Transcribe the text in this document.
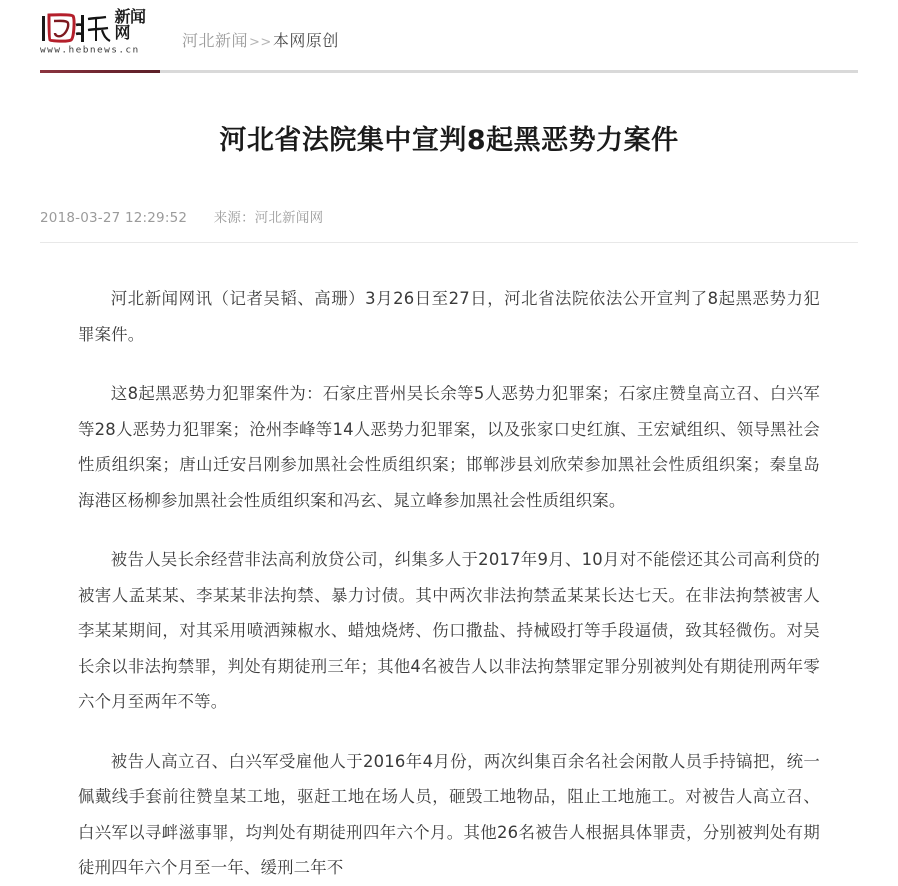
新闻网
www.hebnews.cn
河北新闻>>本网原创
河北省法院集中宣判8起黑恶势力案件
2018-03-27 12:29:52 来源：河北新闻网

河北新闻网讯（记者吴韬、高珊）3月26日至27日，河北省法院依法公开宣判了8起黑恶势力犯罪案件。

这8起黑恶势力犯罪案件为：石家庄晋州吴长余等5人恶势力犯罪案；石家庄赞皇高立召、白兴军等28人恶势力犯罪案；沧州李峰等14人恶势力犯罪案，以及张家口史红旗、王宏斌组织、领导黑社会性质组织案；唐山迁安吕刚参加黑社会性质组织案；邯郸涉县刘欣荣参加黑社会性质组织案；秦皇岛海港区杨柳参加黑社会性质组织案和冯玄、晁立峰参加黑社会性质组织案。

被告人吴长余经营非法高利放贷公司，纠集多人于2017年9月、10月对不能偿还其公司高利贷的被害人孟某某、李某某非法拘禁、暴力讨债。其中两次非法拘禁孟某某长达七天。在非法拘禁被害人李某某期间，对其采用喷洒辣椒水、蜡烛烧烤、伤口撒盐、持械殴打等手段逼债，致其轻微伤。对吴长余以非法拘禁罪，判处有期徒刑三年；其他4名被告人以非法拘禁罪定罪分别被判处有期徒刑两年零六个月至两年不等。

被告人高立召、白兴军受雇他人于2016年4月份，两次纠集百余名社会闲散人员手持镐把，统一佩戴线手套前往赞皇某工地，驱赶工地在场人员，砸毁工地物品，阻止工地施工。对被告人高立召、白兴军以寻衅滋事罪，均判处有期徒刑四年六个月。其他26名被告人根据具体罪责，分别被判处有期徒刑四年六个月至一年、缓刑二年不
